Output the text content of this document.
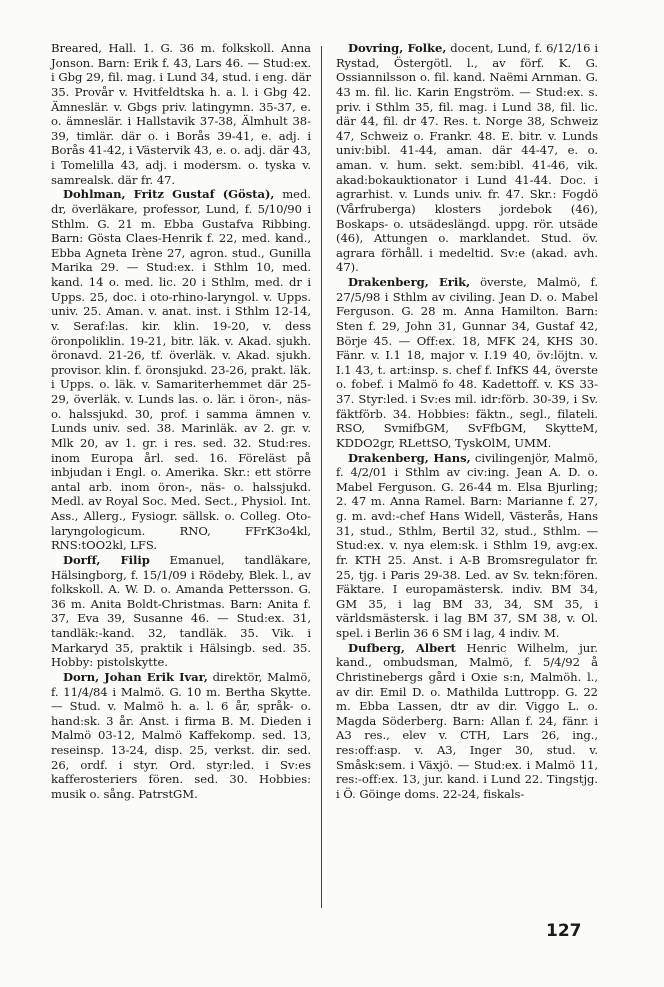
Breared, Hall. 1. G. 36 m. folkskoll. Anna Jonson. Barn: Erik f. 43, Lars 46. — Stud:ex. i Gbg 29, fil. mag. i Lund 34, stud. i eng. där 35. Provår v. Hvitfeldtska h. a. l. i Gbg 42. Ämneslär. v. Gbgs priv. latingymn. 35-37, e. o. ämneslär. i Hallstavik 37-38, Älmhult 38-39, timlär. där o. i Borås 39-41, e. adj. i Borås 41-42, i Västervik 43, e. o. adj. där 43, i Tomelilla 43, adj. i modersm. o. tyska v. samrealsk. där fr. 47.

Dohlman, Fritz Gustaf (Gösta), med. dr, överläkare, professor, Lund, f. 5/10/90 i Sthlm. G. 21 m. Ebba Gustafva Ribbing. Barn: Gösta Claes-Henrik f. 22, med. kand., Ebba Agneta Irène 27, agron. stud., Gunilla Marika 29. — Stud:ex. i Sthlm 10, med. kand. 14 o. med. lic. 20 i Sthlm, med. dr i Upps. 25, doc. i oto-rhino-laryngol. v. Upps. univ. 25. Aman. v. anat. inst. i Sthlm 12-14, v. Seraf:las. kir. klin. 19-20, v. dess öronpoliklin. 19-21, bitr. läk. v. Akad. sjukh. öronavd. 21-26, tf. överläk. v. Akad. sjukh. provisor. klin. f. öronsjukd. 23-26, prakt. läk. i Upps. o. läk. v. Samariterhemmet där 25-29, överläk. v. Lunds las. o. lär. i öron-, näs- o. halssjukd. 30, prof. i samma ämnen v. Lunds univ. sed. 38. Marinläk. av 2. gr. v. Mlk 20, av 1. gr. i res. sed. 32. Stud:res. inom Europa årl. sed. 16. Föreläst på inbjudan i Engl. o. Amerika. Skr.: ett större antal arb. inom öron-, näs- o. halssjukd. Medl. av Royal Soc. Med. Sect., Physiol. Int. Ass., Allerg., Fysiogr. sällsk. o. Colleg. Oto-laryngologicum. RNO, FFrK3o4kl, RNS:tOO2kl, LFS.

Dorff, Filip Emanuel, tandläkare, Hälsingborg, f. 15/1/09 i Rödeby, Blek. l., av folkskoll. A. W. D. o. Amanda Pettersson. G. 36 m. Anita Boldt-Christmas. Barn: Anita f. 37, Eva 39, Susanne 46. — Stud:ex. 31, tandläk:-kand. 32, tandläk. 35. Vik. i Markaryd 35, praktik i Hälsingb. sed. 35. Hobby: pistolskytte.

Dorn, Johan Erik Ivar, direktör, Malmö, f. 11/4/84 i Malmö. G. 10 m. Bertha Skytte. — Stud. v. Malmö h. a. l. 6 år, språk- o. hand:sk. 3 år. Anst. i firma B. M. Dieden i Malmö 03-12, Malmö Kaffekomp. sed. 13, reseinsp. 13-24, disp. 25, verkst. dir. sed. 26, ordf. i styr. Ord. styr:led. i Sv:es kafferosteriers fören. sed. 30. Hobbies: musik o. sång. PatrstGM.

Dovring, Folke, docent, Lund, f. 6/12/16 i Rystad, Östergötl. l., av förf. K. G. Ossiannilsson o. fil. kand. Naëmi Arnman. G. 43 m. fil. lic. Karin Engström. — Stud:ex. s. priv. i Sthlm 35, fil. mag. i Lund 38, fil. lic. där 44, fil. dr 47. Res. t. Norge 38, Schweiz 47, Schweiz o. Frankr. 48. E. bitr. v. Lunds univ:bibl. 41-44, aman. där 44-47, e. o. aman. v. hum. sekt. sem:bibl. 41-46, vik. akad:bokauktionator i Lund 41-44. Doc. i agrarhist. v. Lunds univ. fr. 47. Skr.: Fogdö (Vårfruberga) klosters jordebok (46), Boskaps- o. utsädeslängd. uppg. rör. utsäde (46), Attungen o. marklandet. Stud. öv. agrara förhåll. i medeltid. Sv:e (akad. avh. 47).

Drakenberg, Erik, överste, Malmö, f. 27/5/98 i Sthlm av civiling. Jean D. o. Mabel Ferguson. G. 28 m. Anna Hamilton. Barn: Sten f. 29, John 31, Gunnar 34, Gustaf 42, Börje 45. — Off:ex. 18, MFK 24, KHS 30. Fänr. v. I.1 18, major v. I.19 40, öv:löjtn. v. I.1 43, t. art:insp. s. chef f. InfKS 44, överste o. fobef. i Malmö fo 48. Kadettoff. v. KS 33-37. Styr:led. i Sv:es mil. idr:förb. 30-39, i Sv. fäktförb. 34. Hobbies: fäktn., segl., filateli. RSO, SvmifbGM, SvFfbGM, SkytteM, KDDO2gr, RLettSO, TyskOlM, UMM.

Drakenberg, Hans, civilingenjör, Malmö, f. 4/2/01 i Sthlm av civ:ing. Jean A. D. o. Mabel Ferguson. G. 26-44 m. Elsa Bjurling; 2. 47 m. Anna Ramel. Barn: Marianne f. 27, g. m. avd:-chef Hans Widell, Västerås, Hans 31, stud., Sthlm, Bertil 32, stud., Sthlm. — Stud:ex. v. nya elem:sk. i Sthlm 19, avg:ex. fr. KTH 25. Anst. i A-B Bromsregulator fr. 25, tjg. i Paris 29-38. Led. av Sv. tekn:fören. Fäktare. I europamästersk. indiv. BM 34, GM 35, i lag BM 33, 34, SM 35, i världsmästersk. i lag BM 37, SM 38, v. Ol. spel. i Berlin 36 6 SM i lag, 4 indiv. M.

Dufberg, Albert Henric Wilhelm, jur. kand., ombudsman, Malmö, f. 5/4/92 å Christinebergs gård i Oxie s:n, Malmöh. l., av dir. Emil D. o. Mathilda Luttropp. G. 22 m. Ebba Lassen, dtr av dir. Viggo L. o. Magda Söderberg. Barn: Allan f. 24, fänr. i A3 res., elev v. CTH, Lars 26, ing., res:off:asp. v. A3, Inger 30, stud. v. Småsk:sem. i Växjö. — Stud:ex. i Malmö 11, res:-off:ex. 13, jur. kand. i Lund 22. Tingstjg. i Ö. Göinge doms. 22-24, fiskals-

127
